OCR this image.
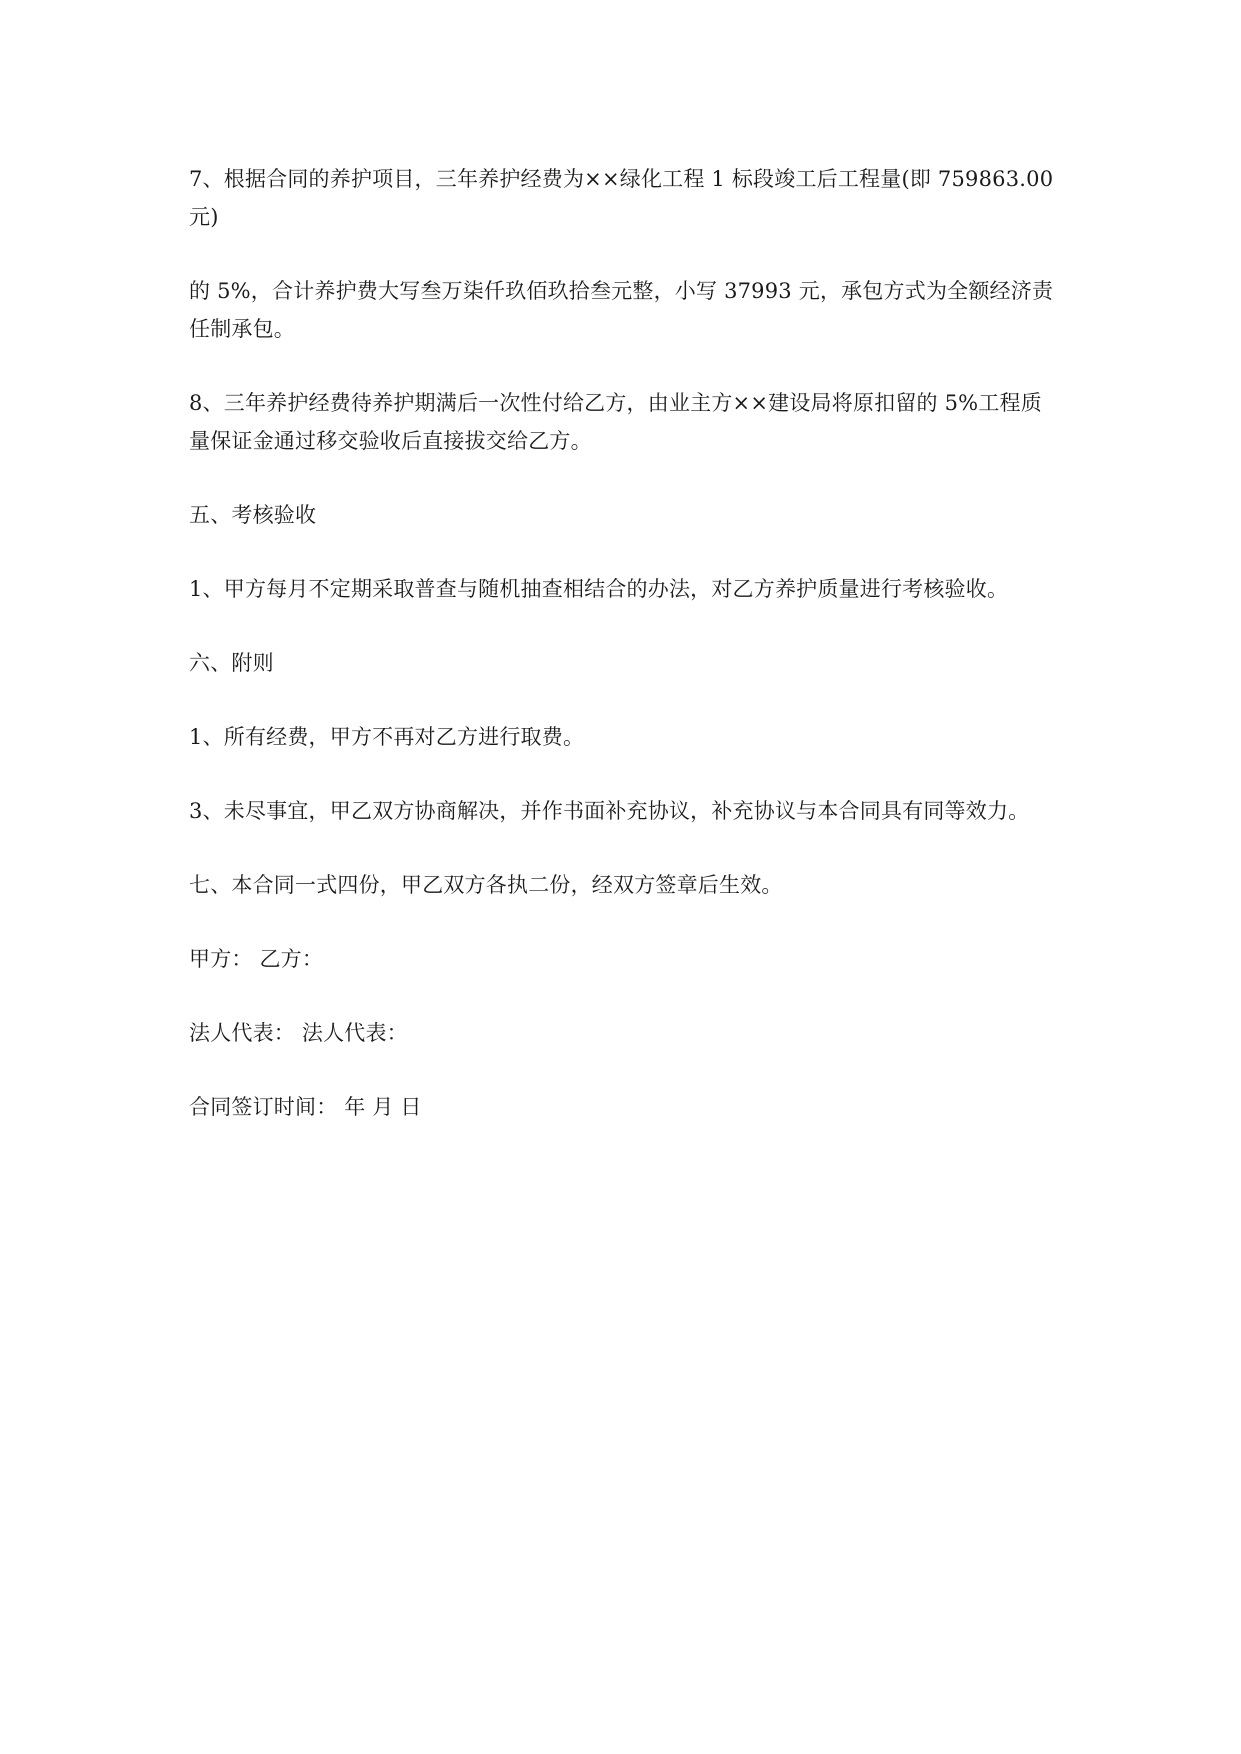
7、根据合同的养护项目，三年养护经费为××绿化工程 1 标段竣工后工程量(即 759863.00
元)

的 5%，合计养护费大写叁万柒仟玖佰玖拾叁元整，小写 37993 元，承包方式为全额经济责
任制承包。

8、三年养护经费待养护期满后一次性付给乙方，由业主方××建设局将原扣留的 5%工程质
量保证金通过移交验收后直接拔交给乙方。

五、考核验收

1、甲方每月不定期采取普查与随机抽查相结合的办法，对乙方养护质量进行考核验收。

六、附则

1、所有经费，甲方不再对乙方进行取费。

3、未尽事宜，甲乙双方协商解决，并作书面补充协议，补充协议与本合同具有同等效力。

七、本合同一式四份，甲乙双方各执二份，经双方签章后生效。

甲方： 乙方：

法人代表： 法人代表：

合同签订时间： 年 月 日
